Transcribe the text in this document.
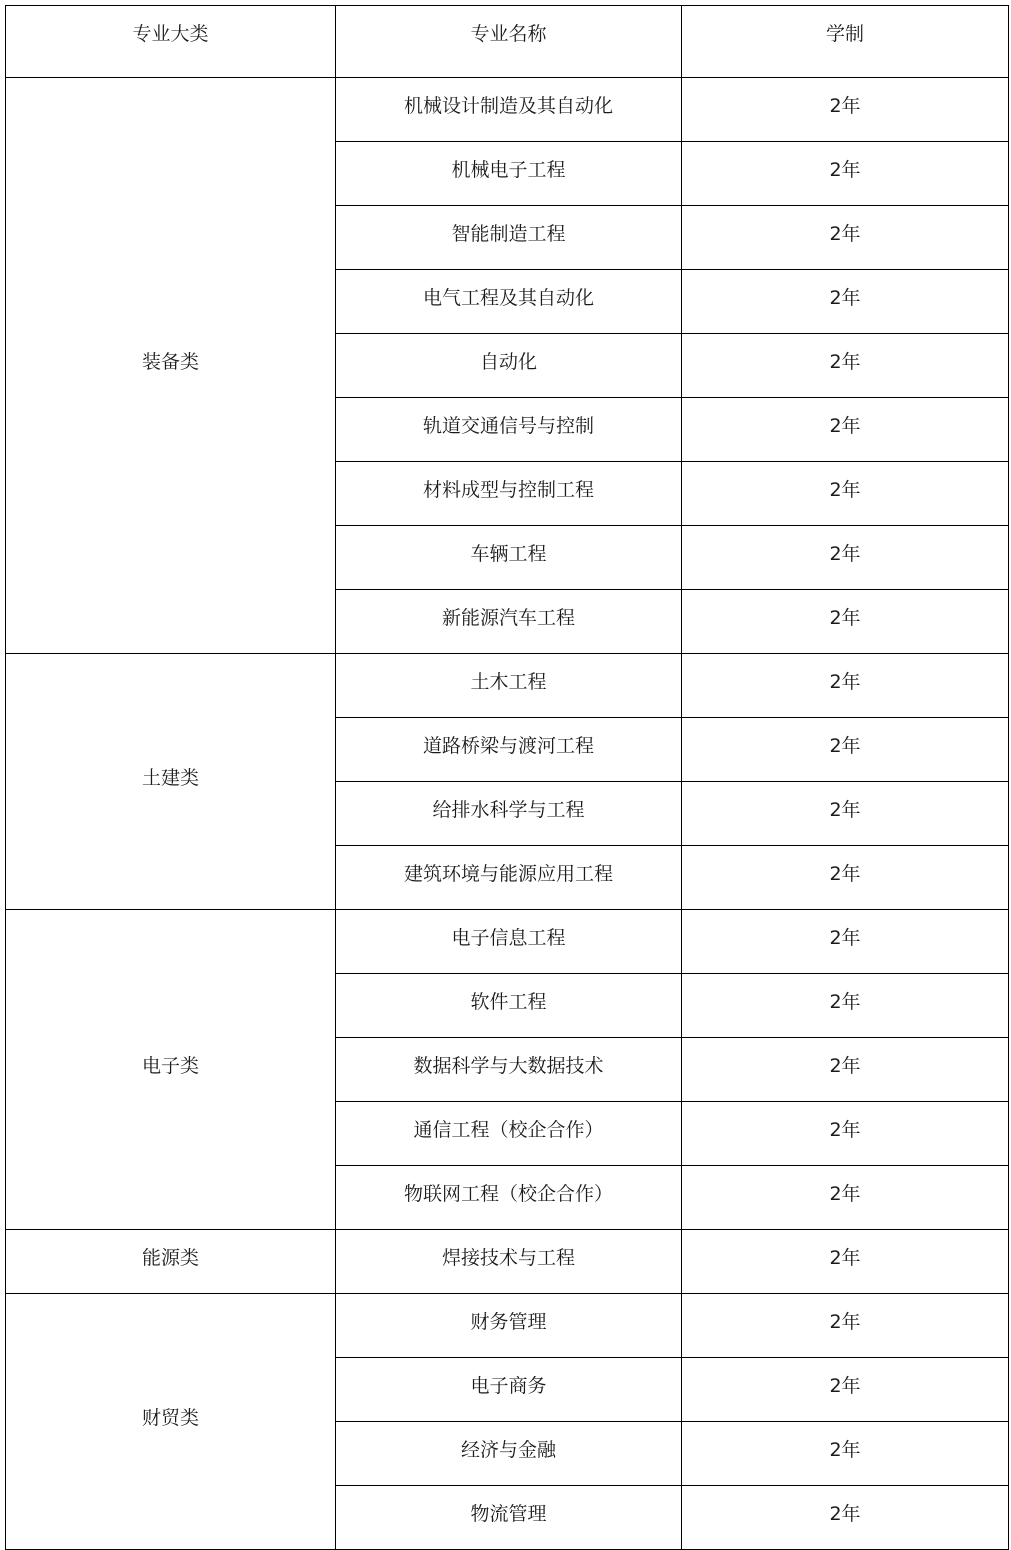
专业大类	专业名称	学制
装备类	机械设计制造及其自动化	2年
	机械电子工程	2年
	智能制造工程	2年
	电气工程及其自动化	2年
	自动化	2年
	轨道交通信号与控制	2年
	材料成型与控制工程	2年
	车辆工程	2年
	新能源汽车工程	2年
土建类	土木工程	2年
	道路桥梁与渡河工程	2年
	给排水科学与工程	2年
	建筑环境与能源应用工程	2年
电子类	电子信息工程	2年
	软件工程	2年
	数据科学与大数据技术	2年
	通信工程（校企合作）	2年
	物联网工程（校企合作）	2年
能源类	焊接技术与工程	2年
财贸类	财务管理	2年
	电子商务	2年
	经济与金融	2年
	物流管理	2年
